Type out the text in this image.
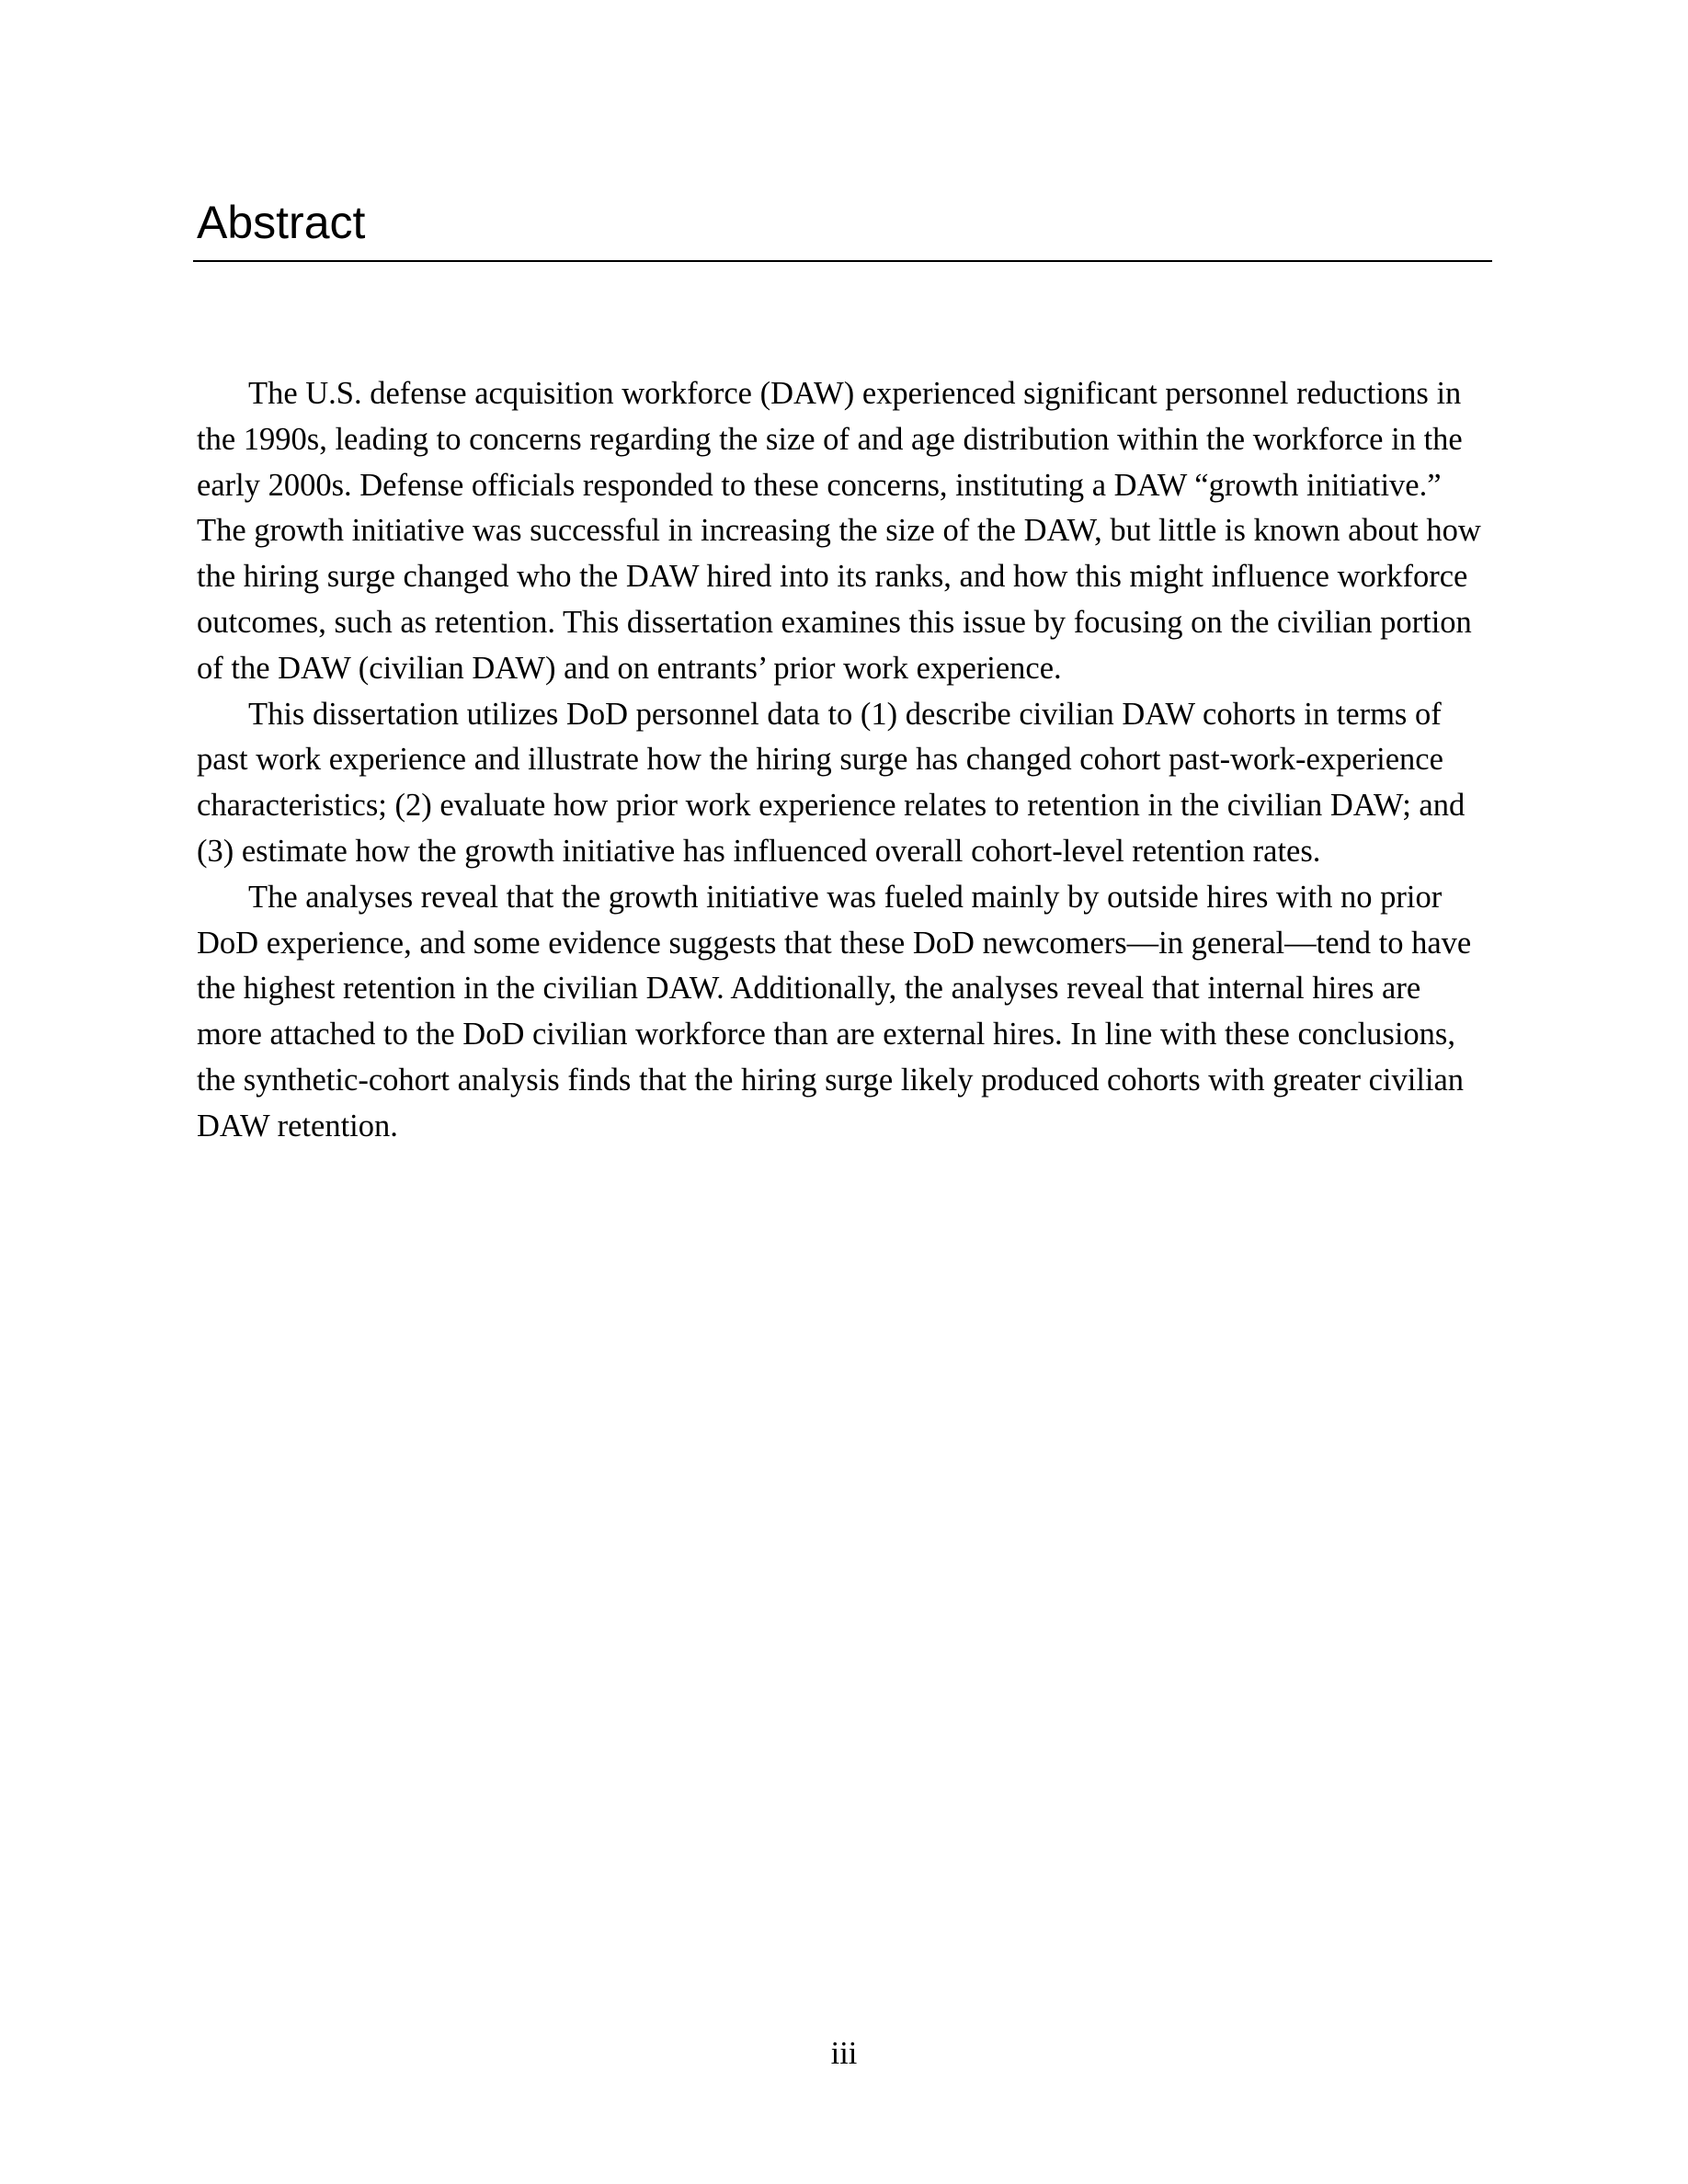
Abstract

The U.S. defense acquisition workforce (DAW) experienced significant personnel reductions in the 1990s, leading to concerns regarding the size of and age distribution within the workforce in the early 2000s. Defense officials responded to these concerns, instituting a DAW “growth initiative.” The growth initiative was successful in increasing the size of the DAW, but little is known about how the hiring surge changed who the DAW hired into its ranks, and how this might influence workforce outcomes, such as retention. This dissertation examines this issue by focusing on the civilian portion of the DAW (civilian DAW) and on entrants’ prior work experience.

This dissertation utilizes DoD personnel data to (1) describe civilian DAW cohorts in terms of past work experience and illustrate how the hiring surge has changed cohort past-work-experience characteristics; (2) evaluate how prior work experience relates to retention in the civilian DAW; and (3) estimate how the growth initiative has influenced overall cohort-level retention rates.

The analyses reveal that the growth initiative was fueled mainly by outside hires with no prior DoD experience, and some evidence suggests that these DoD newcomers—in general—tend to have the highest retention in the civilian DAW. Additionally, the analyses reveal that internal hires are more attached to the DoD civilian workforce than are external hires. In line with these conclusions, the synthetic-cohort analysis finds that the hiring surge likely produced cohorts with greater civilian DAW retention.

iii
